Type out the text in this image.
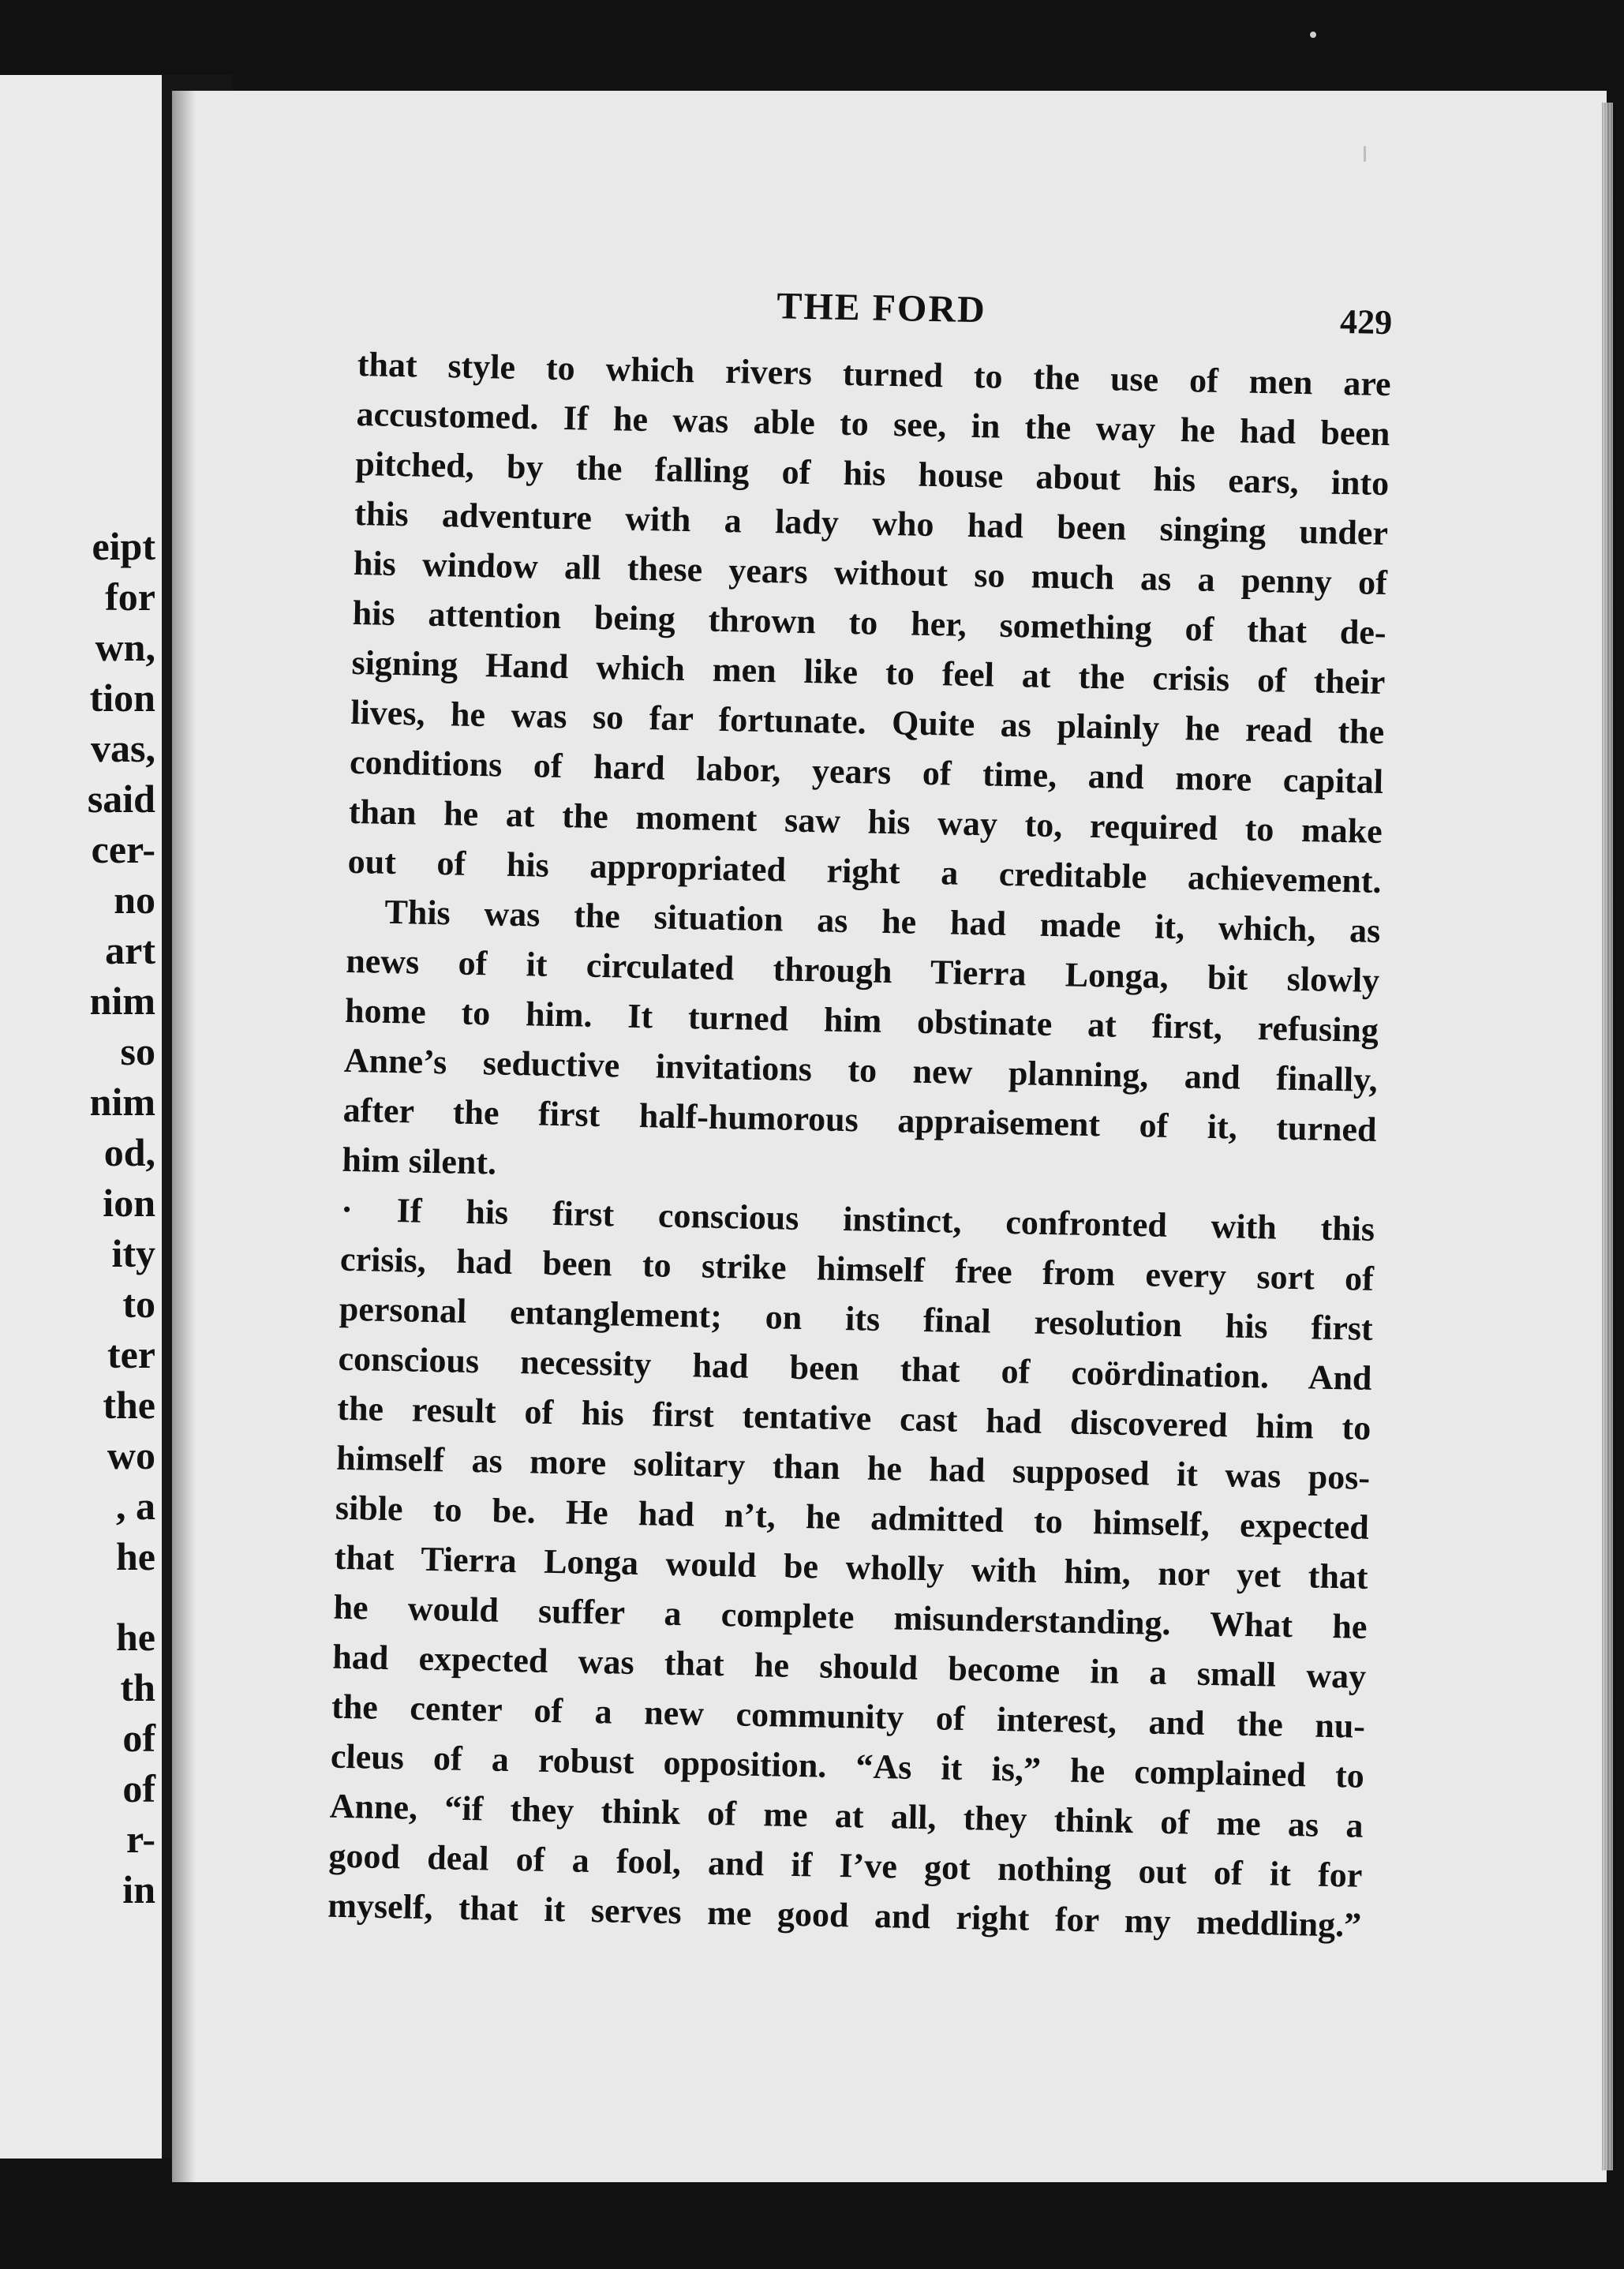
eipt
for
wn,
tion
vas,
said
cer-
no
art
nim
so
nim
od,
ion
ity
to
ter
the
wo
, a
he
he
th
of
of
r-
in
THE FORD	429
that style to which rivers turned to the use of men are
accustomed. If he was able to see, in the way he had been
pitched, by the falling of his house about his ears, into
this adventure with a lady who had been singing under
his window all these years without so much as a penny of
his attention being thrown to her, something of that de-
signing Hand which men like to feel at the crisis of their
lives, he was so far fortunate. Quite as plainly he read the
conditions of hard labor, years of time, and more capital
than he at the moment saw his way to, required to make
out of his appropriated right a creditable achievement.
This was the situation as he had made it, which, as
news of it circulated through Tierra Longa, bit slowly
home to him. It turned him obstinate at first, refusing
Anne’s seductive invitations to new planning, and finally,
after the first half-humorous appraisement of it, turned
him silent.
· If his first conscious instinct, confronted with this
crisis, had been to strike himself free from every sort of
personal entanglement; on its final resolution his first
conscious necessity had been that of coördination. And
the result of his first tentative cast had discovered him to
himself as more solitary than he had supposed it was pos-
sible to be. He had n’t, he admitted to himself, expected
that Tierra Longa would be wholly with him, nor yet that
he would suffer a complete misunderstanding. What he
had expected was that he should become in a small way
the center of a new community of interest, and the nu-
cleus of a robust opposition. “As it is,” he complained to
Anne, “if they think of me at all, they think of me as a
good deal of a fool, and if I’ve got nothing out of it for
myself, that it serves me good and right for my meddling.”
